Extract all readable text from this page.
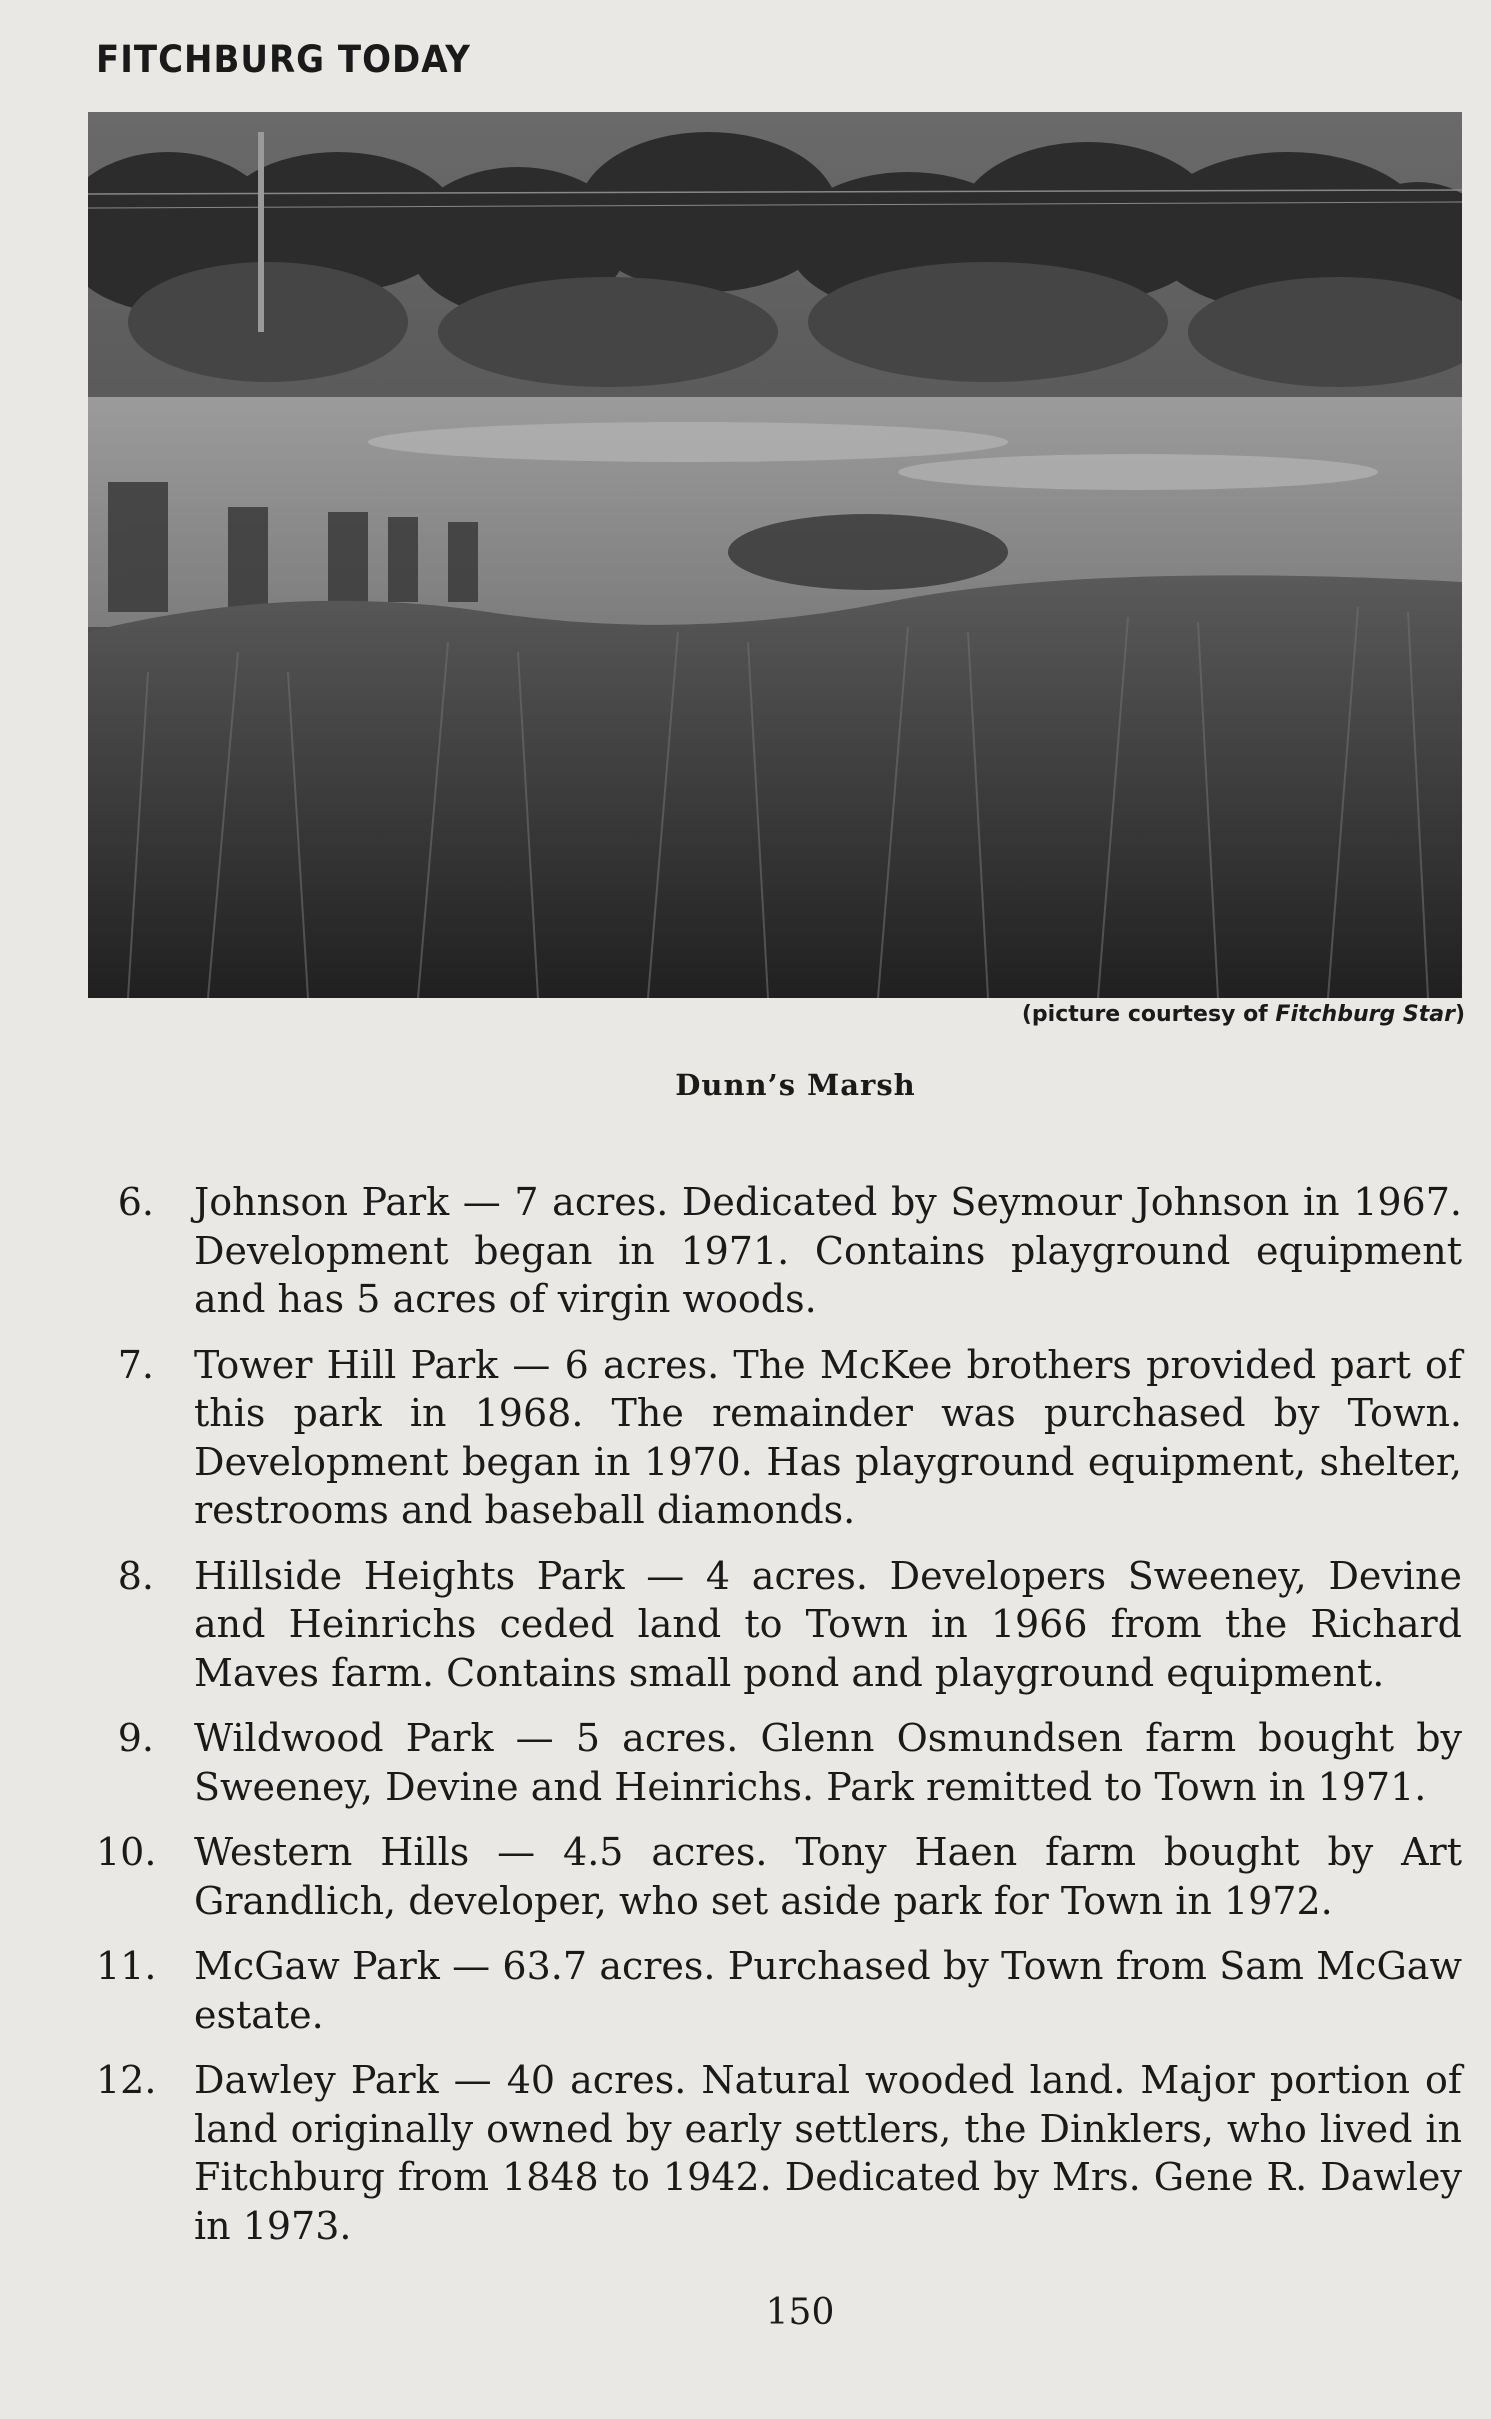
FITCHBURG TODAY
(picture courtesy of Fitchburg Star)
Dunn’s Marsh
6. Johnson Park — 7 acres. Dedicated by Seymour Johnson in 1967. Development began in 1971. Contains playground equipment and has 5 acres of virgin woods.
7. Tower Hill Park — 6 acres. The McKee brothers provided part of this park in 1968. The remainder was purchased by Town. Development began in 1970. Has playground equipment, shelter, restrooms and baseball diamonds.
8. Hillside Heights Park — 4 acres. Developers Sweeney, Devine and Heinrichs ceded land to Town in 1966 from the Richard Maves farm. Contains small pond and playground equipment.
9. Wildwood Park — 5 acres. Glenn Osmundsen farm bought by Sweeney, Devine and Heinrichs. Park remitted to Town in 1971.
10. Western Hills — 4.5 acres. Tony Haen farm bought by Art Grandlich, developer, who set aside park for Town in 1972.
11. McGaw Park — 63.7 acres. Purchased by Town from Sam McGaw estate.
12. Dawley Park — 40 acres. Natural wooded land. Major portion of land originally owned by early settlers, the Dinklers, who lived in Fitchburg from 1848 to 1942. Dedicated by Mrs. Gene R. Dawley in 1973.
150
